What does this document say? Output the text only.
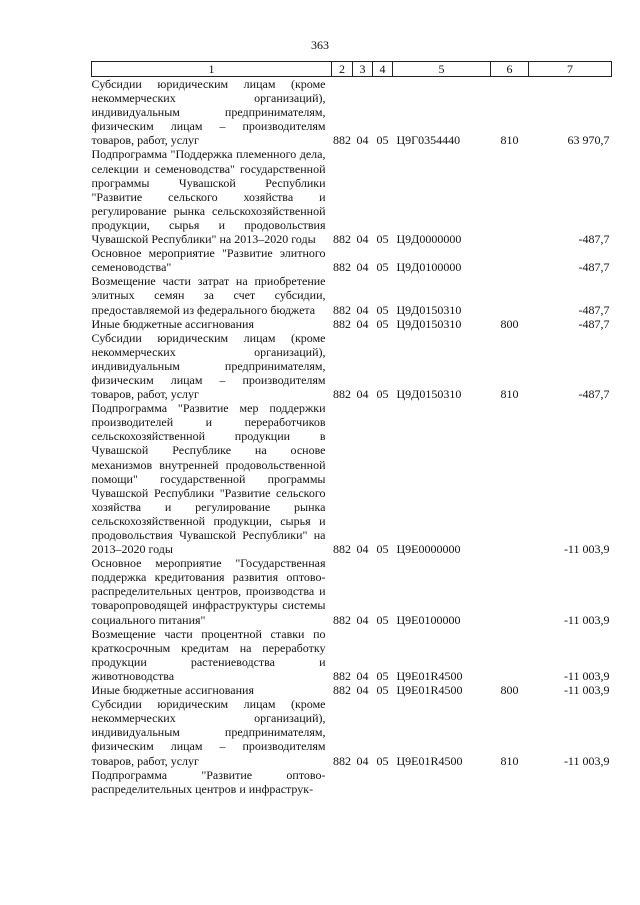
363
1	2	3	4	5	6	7
Субсидии юридическим лицам (кроме некоммерческих организаций), индивидуальным предпринимателям, физическим лицам – производителям товаров, работ, услуг	882	04	05	Ц9Г0354440	810	63 970,7
Подпрограмма "Поддержка племенного дела, селекции и семеноводства" государственной программы Чувашской Республики "Развитие сельского хозяйства и регулирование рынка сельскохозяйственной продукции, сырья и продовольствия Чувашской Республики" на 2013–2020 годы	882	04	05	Ц9Д0000000		-487,7
Основное мероприятие "Развитие элитного семеноводства"	882	04	05	Ц9Д0100000		-487,7
Возмещение части затрат на приобретение элитных семян за счет субсидии, предоставляемой из федерального бюджета	882	04	05	Ц9Д0150310		-487,7
Иные бюджетные ассигнования	882	04	05	Ц9Д0150310	800	-487,7
Субсидии юридическим лицам (кроме некоммерческих организаций), индивидуальным предпринимателям, физическим лицам – производителям товаров, работ, услуг	882	04	05	Ц9Д0150310	810	-487,7
Подпрограмма "Развитие мер поддержки производителей и переработчиков сельскохозяйственной продукции в Чувашской Республике на основе механизмов внутренней продовольственной помощи" государственной программы Чувашской Республики "Развитие сельского хозяйства и регулирование рынка сельскохозяйственной продукции, сырья и продовольствия Чувашской Республики" на 2013–2020 годы	882	04	05	Ц9Е0000000		-11 003,9
Основное мероприятие "Государственная поддержка кредитования развития оптово-распределительных центров, производства и товаропроводящей инфраструктуры системы социального питания"	882	04	05	Ц9Е0100000		-11 003,9
Возмещение части процентной ставки по краткосрочным кредитам на переработку продукции растениеводства и животноводства	882	04	05	Ц9Е01R4500		-11 003,9
Иные бюджетные ассигнования	882	04	05	Ц9Е01R4500	800	-11 003,9
Субсидии юридическим лицам (кроме некоммерческих организаций), индивидуальным предпринимателям, физическим лицам – производителям товаров, работ, услуг	882	04	05	Ц9Е01R4500	810	-11 003,9
Подпрограмма "Развитие оптово-распределительных центров и инфраструк-						
